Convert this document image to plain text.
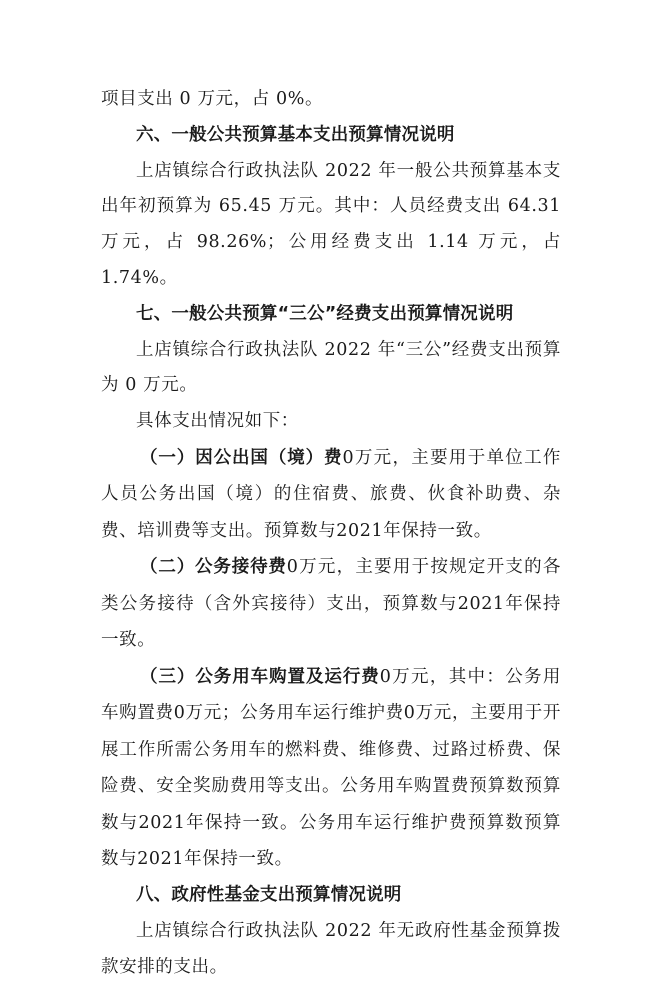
项目支出 0 万元，占 0%。

六、一般公共预算基本支出预算情况说明

上店镇综合行政执法队 2022 年一般公共预算基本支出年初预算为 65.45 万元。其中：人员经费支出 64.31 万元，占 98.26%；公用经费支出 1.14 万元，占 1.74%。

七、一般公共预算“三公”经费支出预算情况说明

上店镇综合行政执法队 2022 年“三公”经费支出预算为 0 万元。

具体支出情况如下：

（一）因公出国（境）费0万元，主要用于单位工作人员公务出国（境）的住宿费、旅费、伙食补助费、杂费、培训费等支出。预算数与2021年保持一致。

（二）公务接待费0万元，主要用于按规定开支的各类公务接待（含外宾接待）支出，预算数与2021年保持一致。

（三）公务用车购置及运行费0万元，其中：公务用车购置费0万元；公务用车运行维护费0万元，主要用于开展工作所需公务用车的燃料费、维修费、过路过桥费、保险费、安全奖励费用等支出。公务用车购置费预算数预算数与2021年保持一致。公务用车运行维护费预算数预算数与2021年保持一致。

八、政府性基金支出预算情况说明

上店镇综合行政执法队 2022 年无政府性基金预算拨款安排的支出。
